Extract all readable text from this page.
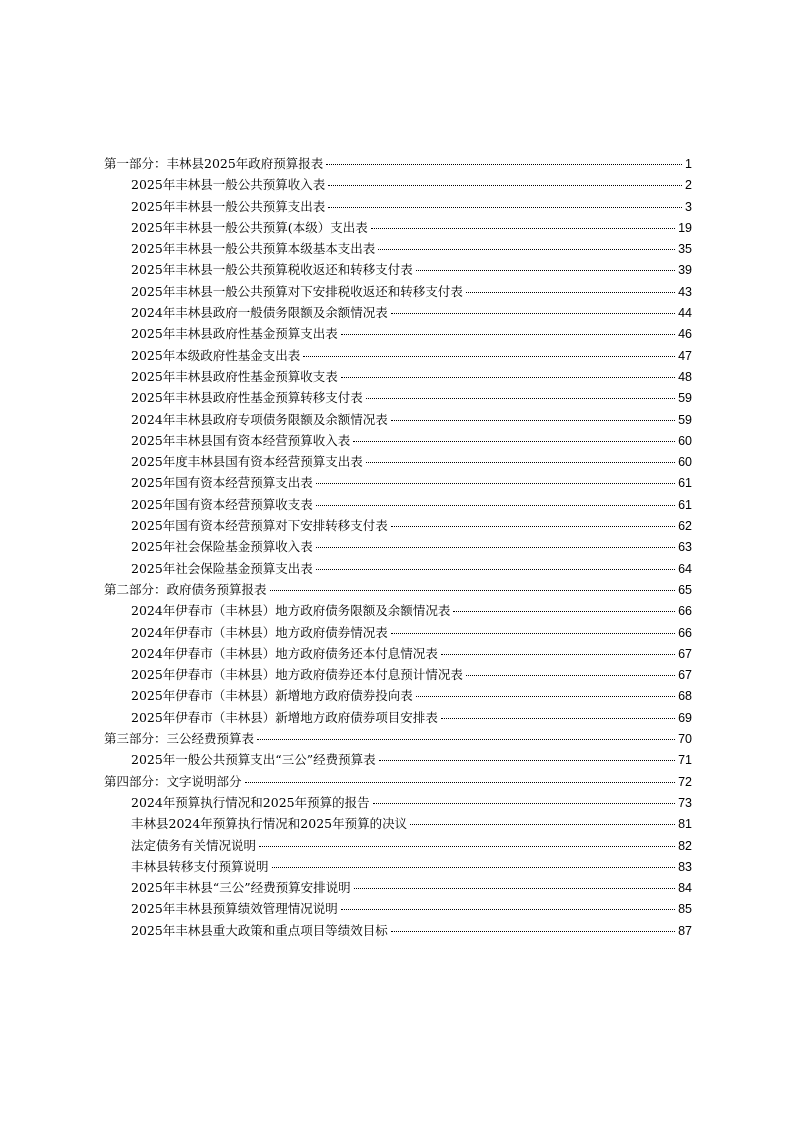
第一部分：丰林县2025年政府预算报表	1
2025年丰林县一般公共预算收入表	2
2025年丰林县一般公共预算支出表	3
2025年丰林县一般公共预算(本级）支出表	19
2025年丰林县一般公共预算本级基本支出表	35
2025年丰林县一般公共预算税收返还和转移支付表	39
2025年丰林县一般公共预算对下安排税收返还和转移支付表	43
2024年丰林县政府一般债务限额及余额情况表	44
2025年丰林县政府性基金预算支出表	46
2025年本级政府性基金支出表	47
2025年丰林县政府性基金预算收支表	48
2025年丰林县政府性基金预算转移支付表	59
2024年丰林县政府专项债务限额及余额情况表	59
2025年丰林县国有资本经营预算收入表	60
2025年度丰林县国有资本经营预算支出表	60
2025年国有资本经营预算支出表	61
2025年国有资本经营预算收支表	61
2025年国有资本经营预算对下安排转移支付表	62
2025年社会保险基金预算收入表	63
2025年社会保险基金预算支出表	64
第二部分：政府债务预算报表	65
2024年伊春市（丰林县）地方政府债务限额及余额情况表	66
2024年伊春市（丰林县）地方政府债券情况表	66
2024年伊春市（丰林县）地方政府债务还本付息情况表	67
2025年伊春市（丰林县）地方政府债券还本付息预计情况表	67
2025年伊春市（丰林县）新增地方政府债券投向表	68
2025年伊春市（丰林县）新增地方政府债券项目安排表	69
第三部分：三公经费预算表	70
2025年一般公共预算支出“三公”经费预算表	71
第四部分：文字说明部分	72
2024年预算执行情况和2025年预算的报告	73
丰林县2024年预算执行情况和2025年预算的决议	81
法定债务有关情况说明	82
丰林县转移支付预算说明	83
2025年丰林县“三公”经费预算安排说明	84
2025年丰林县预算绩效管理情况说明	85
2025年丰林县重大政策和重点项目等绩效目标	87
